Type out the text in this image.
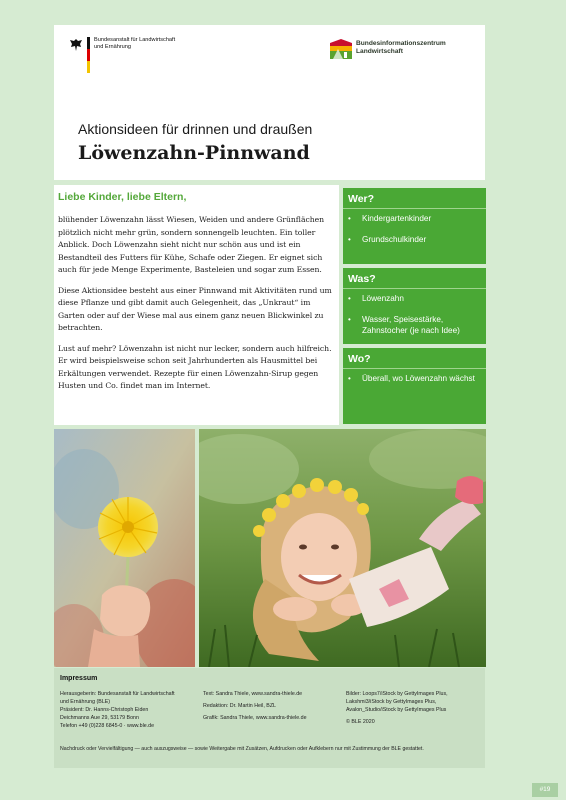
Bundesanstalt für Landwirtschaft und Ernährung	Bundesinformationszentrum
Landwirtschaft
Aktionsideen für drinnen und draußen
Löwenzahn-Pinnwand
Liebe Kinder, liebe Eltern,

blühender Löwenzahn lässt Wiesen, Weiden und andere Grünflächen plötzlich nicht mehr grün, sondern sonnengelb leuchten. Ein toller Anblick. Doch Löwenzahn sieht nicht nur schön aus und ist ein Bestandteil des Futters für Kühe, Schafe oder Ziegen. Er eignet sich auch für jede Menge Experimente, Basteleien und sogar zum Essen.

Diese Aktionsidee besteht aus einer Pinnwand mit Aktivitäten rund um diese Pflanze und gibt damit auch Gelegenheit, das „Unkraut“ im Garten oder auf der Wiese mal aus einem ganz neuen Blickwinkel zu betrachten.

Lust auf mehr? Löwenzahn ist nicht nur lecker, sondern auch hilfreich. Er wird beispielsweise schon seit Jahrhunderten als Hausmittel bei Erkältungen verwendet. Rezepte für einen Löwenzahn-Sirup gegen Husten und Co. findet man im Internet.

Wer?
•	Kindergartenkinder
•	Grundschulkinder
Was?
•	Löwenzahn
•	Wasser, Speisestärke, Zahnstocher (je nach Idee)
Wo?
•	Überall, wo Löwenzahn wächst
Impressum
Herausgeberin: Bundesanstalt für Landwirtschaft
und Ernährung (BLE)
Präsident: Dr. Hanns-Christoph Eiden
Deichmanns Aue 29, 53179 Bonn
Telefon +49 (0)228 6845-0 · www.ble.de
Text: Sandra Thiele, www.sandra-thiele.de
Redaktion: Dr. Martin Heil, BZL
Grafik: Sandra Thiele, www.sandra-thiele.de
Bilder: Loops7/iStock by GettyImages Plus, Lakshmi3/iStock by GettyImages Plus, Avalon_Studio/iStock by GettyImages Plus
© BLE 2020
Nachdruck oder Vervielfältigung — auch auszugsweise — sowie Weitergabe mit Zusätzen, Aufdrucken oder Aufklebern nur mit Zustimmung der BLE gestattet.
#19
